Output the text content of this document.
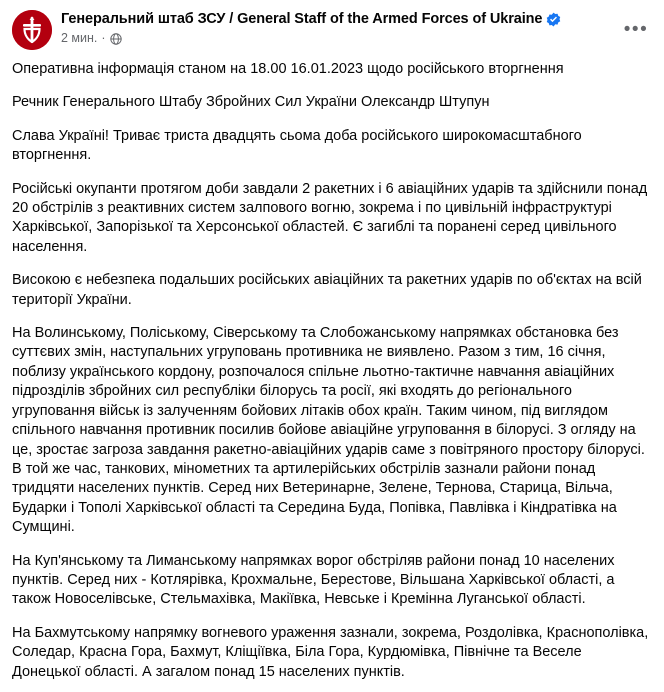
Генеральний штаб ЗСУ / General Staff of the Armed Forces of Ukraine
2 мин. ·	•••

Оперативна інформація станом на 18.00 16.01.2023 щодо російського вторгнення

Речник Генерального Штабу Збройних Сил України Олександр Штупун

Слава Україні! Триває триста двадцять сьома доба російського широкомасштабного вторгнення.

Російські окупанти протягом доби завдали 2 ракетних і 6 авіаційних ударів та здійснили понад 20 обстрілів з реактивних систем залпового вогню, зокрема і по цивільній інфраструктурі Харківської, Запорізької та Херсонської областей. Є загиблі та поранені серед цивільного населення.

Високою є небезпека подальших російських авіаційних та ракетних ударів по об'єктах на всій території України.

На Волинському, Поліському, Сіверському та Слобожанському напрямках обстановка без суттєвих змін, наступальних угруповань противника не виявлено. Разом з тим, 16 січня, поблизу українського кордону, розпочалося спільне льотно-тактичне навчання авіаційних підрозділів збройних сил республіки білорусь та росії, які входять до регіонального угруповання військ із залученням бойових літаків обох країн. Таким чином, під виглядом спільного навчання противник посилив бойове авіаційне угруповання в білорусі. З огляду на це, зростає загроза завдання ракетно-авіаційних ударів саме з повітряного простору білорусі. В той же час, танкових, мінометних та артилерійських обстрілів зазнали райони понад тридцяти населених пунктів. Серед них Ветеринарне, Зелене, Тернова, Старица, Вільча, Бударки і Тополі Харківської області та Середина Буда, Попівка, Павлівка і Кіндратівка на Сумщині.

На Куп'янському та Лиманському напрямках ворог обстріляв райони понад 10 населених пунктів. Серед них - Котлярівка, Крохмальне, Берестове, Вільшана Харківської області, а також Новоселівське, Стельмахівка, Макіївка, Невське і Кремінна Луганської області.

На Бахмутському напрямку вогневого ураження зазнали, зокрема, Роздолівка, Краснополівка, Соледар, Красна Гора, Бахмут, Кліщіївка, Біла Гора, Курдюмівка, Північне та Веселе Донецької області. А загалом понад 15 населених пунктів.
